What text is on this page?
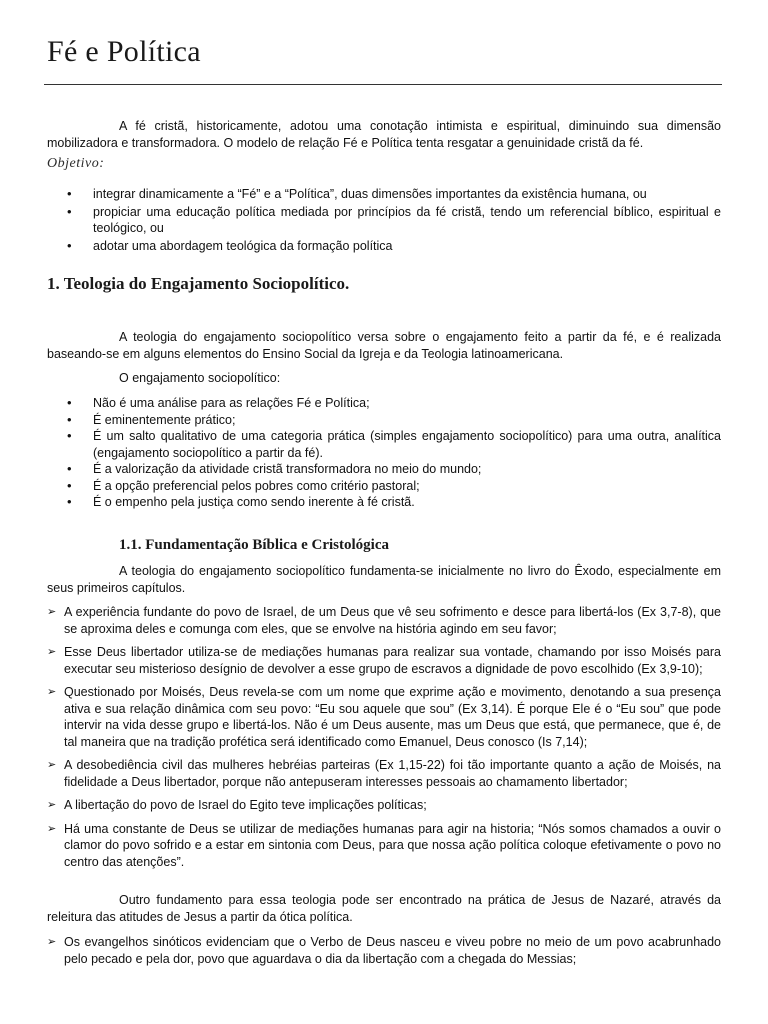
Fé e Política

A fé cristã, historicamente, adotou uma conotação intimista e espiritual, diminuindo sua dimensão mobilizadora e transformadora. O modelo de relação Fé e Política tenta resgatar a genuinidade cristã da fé.

Objetivo:

• integrar dinamicamente a “Fé” e a “Política”, duas dimensões importantes da existência humana, ou
• propiciar uma educação política mediada por princípios da fé cristã, tendo um referencial bíblico, espiritual e teológico, ou
• adotar uma abordagem teológica da formação política
1. Teologia do Engajamento Sociopolítico.

A teologia do engajamento sociopolítico versa sobre o engajamento feito a partir da fé, e é realizada baseando-se em alguns elementos do Ensino Social da Igreja e da Teologia latinoamericana.

O engajamento sociopolítico:

• Não é uma análise para as relações Fé e Política;
• É eminentemente prático;
• É um salto qualitativo de uma categoria prática (simples engajamento sociopolítico) para uma outra, analítica (engajamento sociopolítico a partir da fé).
• É a valorização da atividade cristã transformadora no meio do mundo;
• É a opção preferencial pelos pobres como critério pastoral;
• É o empenho pela justiça como sendo inerente à fé cristã.
1.1. Fundamentação Bíblica e Cristológica

A teologia do engajamento sociopolítico fundamenta-se inicialmente no livro do Êxodo, especialmente em seus primeiros capítulos.

➢ A experiência fundante do povo de Israel, de um Deus que vê seu sofrimento e desce para libertá-los (Ex 3,7-8), que se aproxima deles e comunga com eles, que se envolve na história agindo em seu favor;
➢ Esse Deus libertador utiliza-se de mediações humanas para realizar sua vontade, chamando por isso Moisés para executar seu misterioso desígnio de devolver a esse grupo de escravos a dignidade de povo escolhido (Ex 3,9-10);
➢ Questionado por Moisés, Deus revela-se com um nome que exprime ação e movimento, denotando a sua presença ativa e sua relação dinâmica com seu povo: “Eu sou aquele que sou” (Ex 3,14). É porque Ele é o “Eu sou” que pode intervir na vida desse grupo e libertá-los. Não é um Deus ausente, mas um Deus que está, que permanece, que é, de tal maneira que na tradição profética será identificado como Emanuel, Deus conosco (Is 7,14);
➢ A desobediência civil das mulheres hebréias parteiras (Ex 1,15-22) foi tão importante quanto a ação de Moisés, na fidelidade a Deus libertador, porque não antepuseram interesses pessoais ao chamamento libertador;
➢ A libertação do povo de Israel do Egito teve implicações políticas;
➢ Há uma constante de Deus se utilizar de mediações humanas para agir na historia; “Nós somos chamados a ouvir o clamor do povo sofrido e a estar em sintonia com Deus, para que nossa ação política coloque efetivamente o povo no centro das atenções”.

Outro fundamento para essa teologia pode ser encontrado na prática de Jesus de Nazaré, através da releitura das atitudes de Jesus a partir da ótica política.

➢ Os evangelhos sinóticos evidenciam que o Verbo de Deus nasceu e viveu pobre no meio de um povo acabrunhado pelo pecado e pela dor, povo que aguardava o dia da libertação com a chegada do Messias;
